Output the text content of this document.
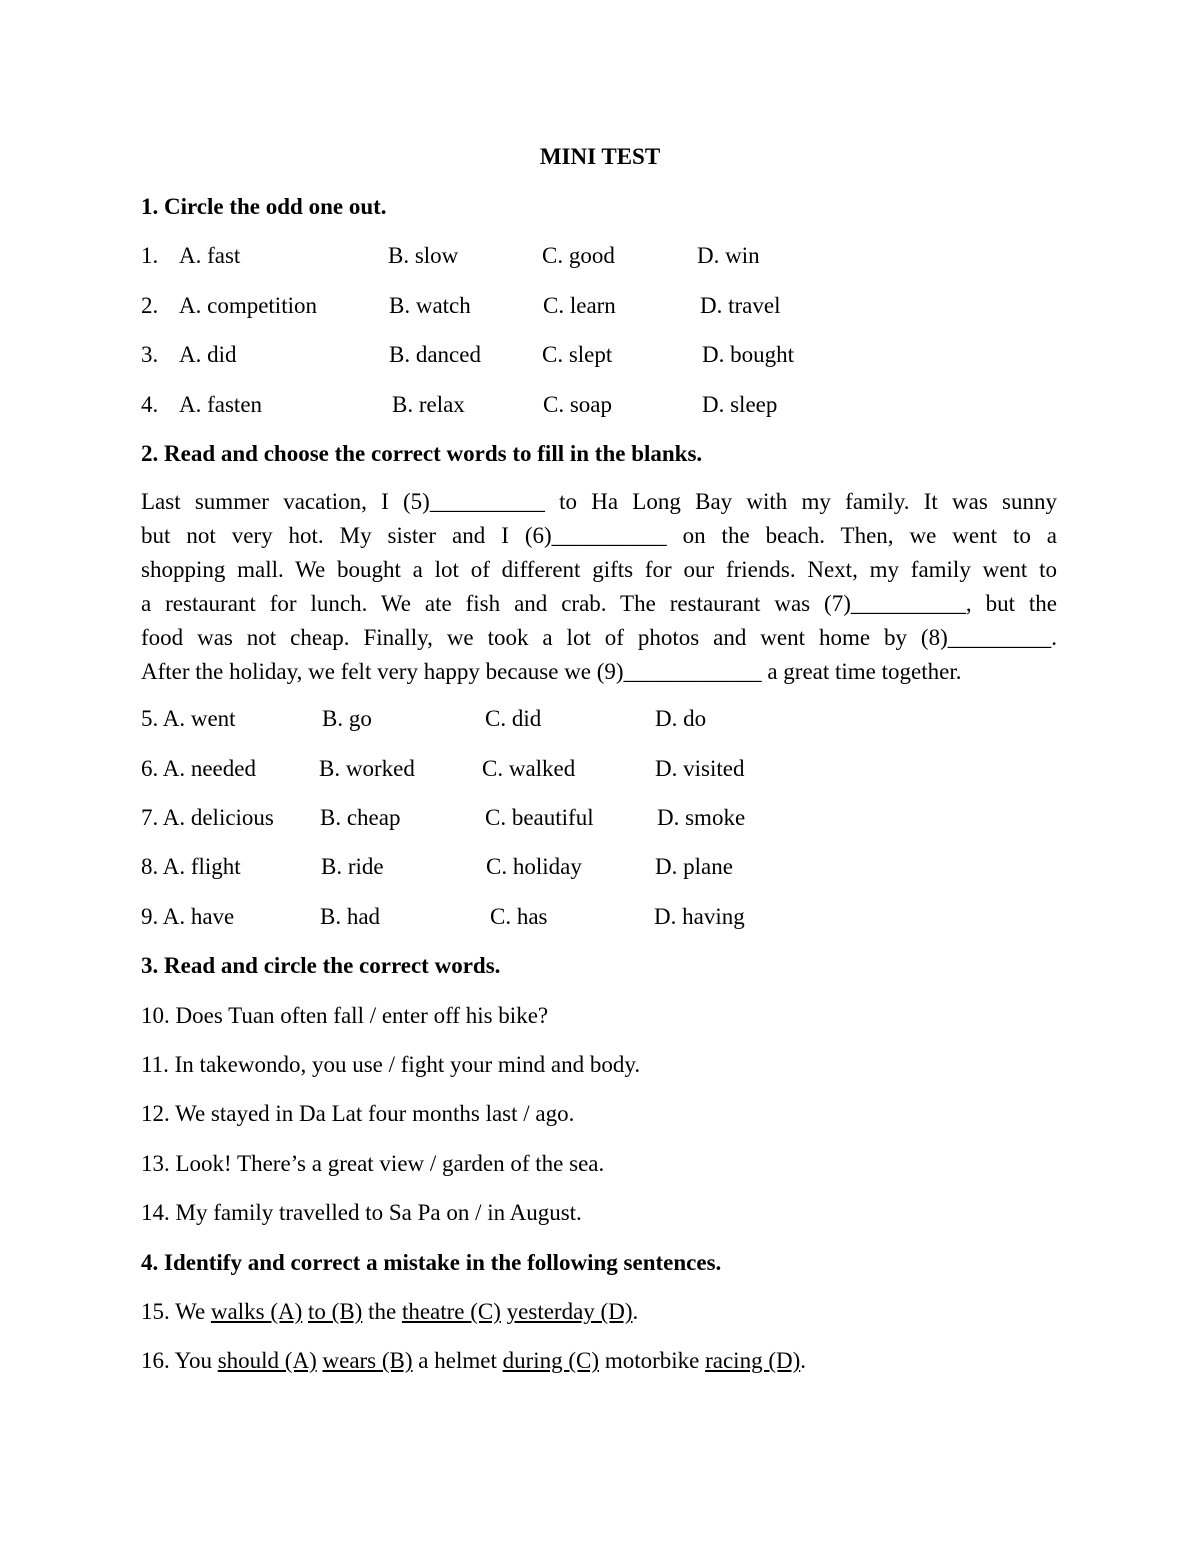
MINI TEST
1. Circle the odd one out.
1. A. fast	B. slow	C. good	D. win
2. A. competition	B. watch	C. learn	D. travel
3. A. did	B. danced	C. slept	D. bought
4. A. fasten	B. relax	C. soap	D. sleep
2. Read and choose the correct words to fill in the blanks.
Last summer vacation, I (5)__________ to Ha Long Bay with my family. It was sunny
but not very hot. My sister and I (6)__________ on the beach. Then, we went to a
shopping mall. We bought a lot of different gifts for our friends. Next, my family went to
a restaurant for lunch. We ate fish and crab. The restaurant was (7)__________, but the
food was not cheap. Finally, we took a lot of photos and went home by (8)_________.
After the holiday, we felt very happy because we (9)____________ a great time together.
5. A. went	B. go	C. did	D. do
6. A. needed	B. worked	C. walked	D. visited
7. A. delicious B. cheap	C. beautiful	D. smoke
8. A. flight	B. ride	C. holiday	D. plane
9. A. have	B. had	C. has	D. having
3. Read and circle the correct words.
10. Does Tuan often fall / enter off his bike?
11. In takewondo, you use / fight your mind and body.
12. We stayed in Da Lat four months last / ago.
13. Look! There’s a great view / garden of the sea.
14. My family travelled to Sa Pa on / in August.
4. Identify and correct a mistake in the following sentences.
15. We walks (A) to (B) the theatre (C) yesterday (D).
16. You should (A) wears (B) a helmet during (C) motorbike racing (D).
